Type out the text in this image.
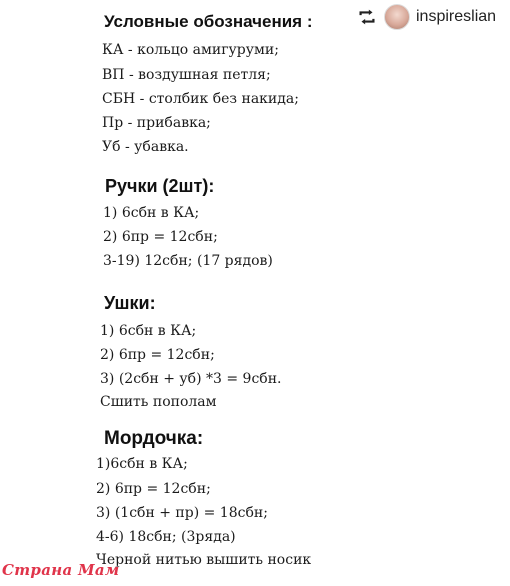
inspireslian
Условные обозначения :

КА - кольцо амигуруми;

ВП - воздушная петля;

СБН - столбик без накида;

Пр - прибавка;

Уб - убавка.

Ручки (2шт):

1) 6сбн в КА;

2) 6пр = 12сбн;

3-19) 12сбн; (17 рядов)

Ушки:

1) 6сбн в КА;

2) 6пр = 12сбн;

3) (2сбн + уб) *3 = 9сбн.

Сшить пополам

Мордочка:

1)6сбн в КА;

2) 6пр = 12сбн;

3) (1сбн + пр) = 18сбн;

4-6) 18сбн; (3ряда)

Черной нитью вышить носик

Страна Мам
